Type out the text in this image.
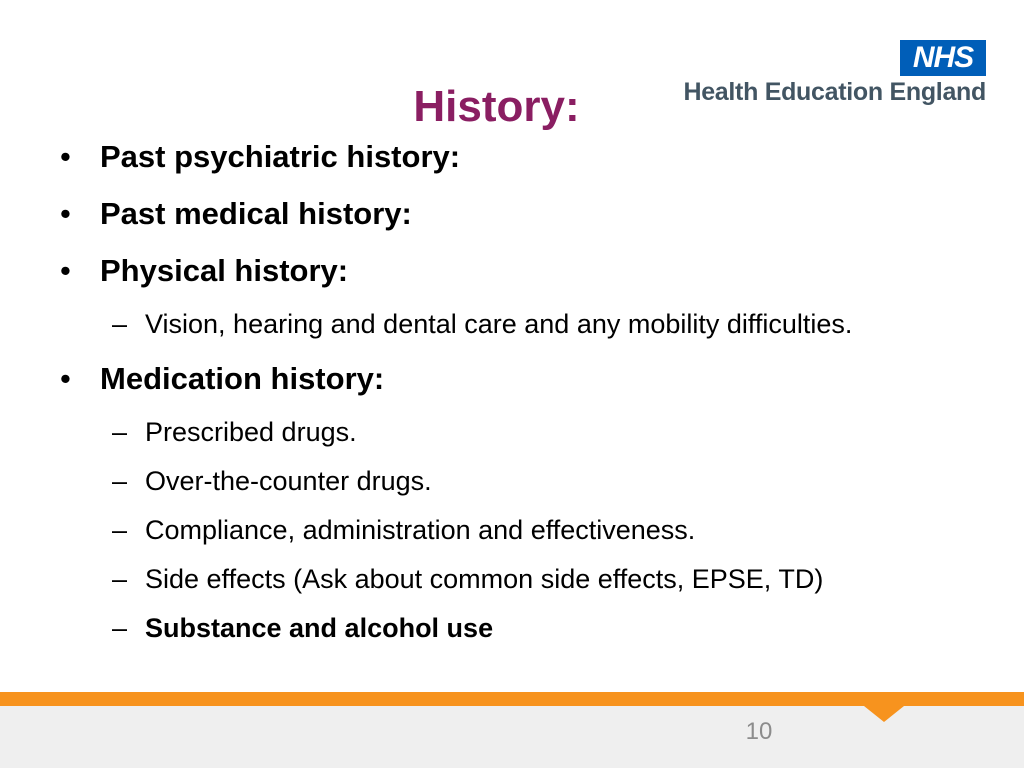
NHS
Health Education England
History:
• Past psychiatric history:
• Past medical history:
• Physical history:
– Vision, hearing and dental care and any mobility difficulties.
• Medication history:
– Prescribed drugs.
– Over-the-counter drugs.
– Compliance, administration and effectiveness.
– Side effects (Ask about common side effects, EPSE, TD)
– Substance and alcohol use
10
